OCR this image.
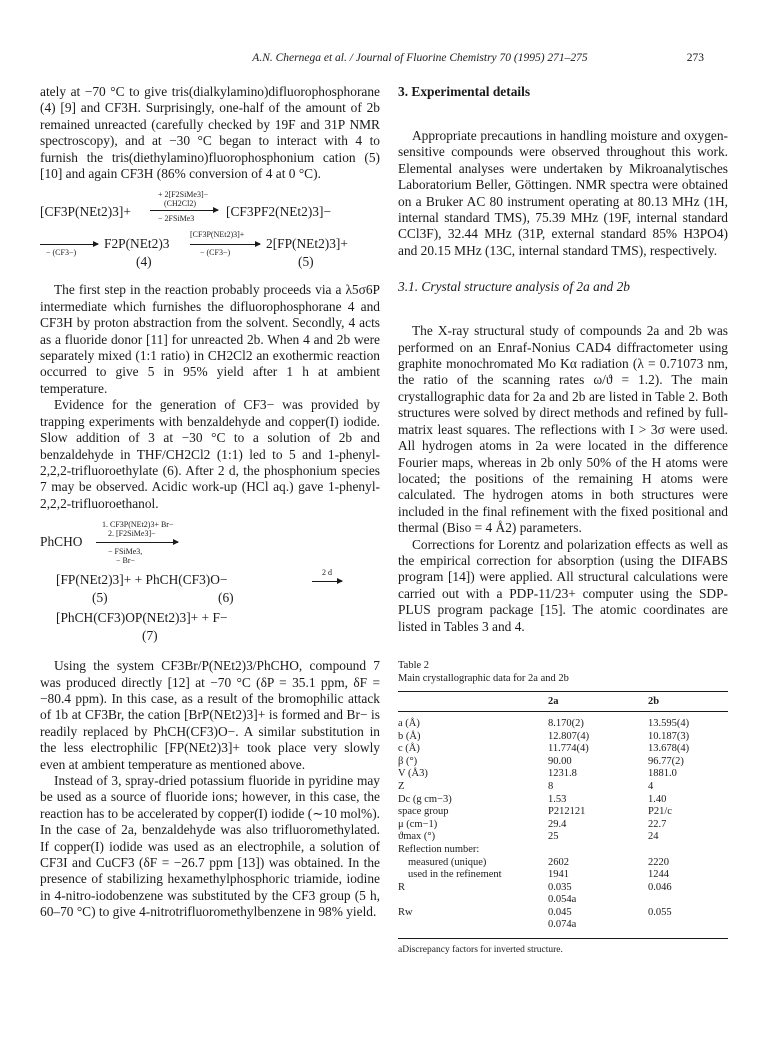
A.N. Chernega et al. / Journal of Fluorine Chemistry 70 (1995) 271–275	273

ately at −70 °C to give tris(dialkylamino)difluorophosphorane (4) [9] and CF3H. Surprisingly, one-half of the amount of 2b remained unreacted (carefully checked by 19F and 31P NMR spectroscopy), and at −30 °C began to interact with 4 to furnish the tris(diethylamino)fluorophosphonium cation (5) [10] and again CF3H (86% conversion of 4 at 0 °C).

[CF3P(NEt2)3]+
+ 2[F2SiMe3]−
(CH2Cl2)
− 2FSiMe3 [CF3PF2(NEt2)3]−
− (CF3−)
F2P(NEt2)3
[CF3P(NEt2)3]+
− (CF3−)
2[FP(NEt2)3]+
(4)	(5)

The first step in the reaction probably proceeds via a λ5σ6P intermediate which furnishes the difluorophosphorane 4 and CF3H by proton abstraction from the solvent. Secondly, 4 acts as a fluoride donor [11] for unreacted 2b. When 4 and 2b were separately mixed (1:1 ratio) in CH2Cl2 an exothermic reaction occurred to give 5 in 95% yield after 1 h at ambient temperature.

Evidence for the generation of CF3− was provided by trapping experiments with benzaldehyde and copper(I) iodide. Slow addition of 3 at −30 °C to a solution of 2b and benzaldehyde in THF/CH2Cl2 (1:1) led to 5 and 1-phenyl-2,2,2-trifluoroethylate (6). After 2 d, the phosphonium species 7 may be observed. Acidic work-up (HCl aq.) gave 1-phenyl-2,2,2-trifluoroethanol.

1. CF3P(NEt2)3+ Br−
2. [F2SiMe3]−
PhCHO
− FSiMe3,
− Br−
[FP(NEt2)3]+ + PhCH(CF3)O−	2 d
(5)	(6)
[PhCH(CF3)OP(NEt2)3]+ + F−
(7)

Using the system CF3Br/P(NEt2)3/PhCHO, compound 7 was produced directly [12] at −70 °C (δP = 35.1 ppm, δF = −80.4 ppm). In this case, as a result of the bromophilic attack of 1b at CF3Br, the cation [BrP(NEt2)3]+ is formed and Br− is readily replaced by PhCH(CF3)O−. A similar substitution in the less electrophilic [FP(NEt2)3]+ took place very slowly even at ambient temperature as mentioned above.

Instead of 3, spray-dried potassium fluoride in pyridine may be used as a source of fluoride ions; however, in this case, the reaction has to be accelerated by copper(I) iodide (∼10 mol%). In the case of 2a, benzaldehyde was also trifluoromethylated. If copper(I) iodide was used as an electrophile, a solution of CF3I and CuCF3 (δF = −26.7 ppm [13]) was obtained. In the presence of stabilizing hexamethylphosphoric triamide, iodine in 4-nitro-iodobenzene was substituted by the CF3 group (5 h, 60–70 °C) to give 4-nitrotrifluoromethylbenzene in 98% yield.

3. Experimental details

Appropriate precautions in handling moisture and oxygen-sensitive compounds were observed throughout this work. Elemental analyses were undertaken by Mikroanalytisches Laboratorium Beller, Göttingen. NMR spectra were obtained on a Bruker AC 80 instrument operating at 80.13 MHz (1H, internal standard TMS), 75.39 MHz (19F, internal standard CCl3F), 32.44 MHz (31P, external standard 85% H3PO4) and 20.15 MHz (13C, internal standard TMS), respectively.

3.1. Crystal structure analysis of 2a and 2b

The X-ray structural study of compounds 2a and 2b was performed on an Enraf-Nonius CAD4 diffractometer using graphite monochromated Mo Kα radiation (λ = 0.71073 nm, the ratio of the scanning rates ω/ϑ = 1.2). The main crystallographic data for 2a and 2b are listed in Table 2. Both structures were solved by direct methods and refined by full-matrix least squares. The reflections with I > 3σ were used. All hydrogen atoms in 2a were located in the difference Fourier maps, whereas in 2b only 50% of the H atoms were located; the positions of the remaining H atoms were calculated. The hydrogen atoms in both structures were included in the final refinement with the fixed positional and thermal (Biso = 4 Å2) parameters.

Corrections for Lorentz and polarization effects as well as the empirical correction for absorption (using the DIFABS program [14]) were applied. All structural calculations were carried out with a PDP-11/23+ computer using the SDP-PLUS program package [15]. The atomic coordinates are listed in Tables 3 and 4.

Table 2
Main crystallographic data for 2a and 2b
	2a	2b
a (Å)	8.170(2)	13.595(4)
b (Å)	12.807(4)	10.187(3)
c (Å)	11.774(4)	13.678(4)
β (°)	90.00	96.77(2)
V (Å3)	1231.8	1881.0
Z	8	4
Dc (g cm−3)	1.53	1.40
space group	P212121	P21/c
μ (cm−1)	29.4	22.7
ϑmax (°)	25	24
Reflection number:		
measured (unique)	2602	2220
used in the refinement	1941	1244
R	0.035	0.046
	0.054a	
Rw	0.045	0.055
	0.074a	
aDiscrepancy factors for inverted structure.
